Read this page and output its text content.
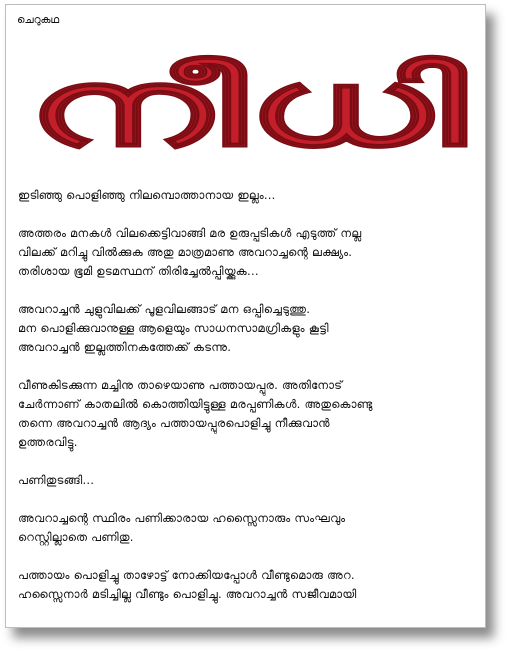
ചെറുകഥ
നീധി
ഇടിഞ്ഞു പൊളിഞ്ഞു നിലമ്പൊത്താനായ ഇല്ലം...
അത്തരം മനകൾ വിലക്കെട്ടിവാങ്ങി മര ഉരുപ്പടികൾ എടുത്ത് നല്ല
വിലക്ക് മറിച്ചു വിൽക്കുക അതു മാത്രമാണു അവറാച്ചന്റെ ലക്ഷ്യം.
തരിശായ ഭൂമി ഉടമസ്ഥന് തിരിച്ചേൽപ്പിയ്ക്കുക...
അവറാച്ചൻ ചുളുവിലക്ക് പൂളവിലങ്ങാട് മന ഒപ്പിച്ചെടുത്തു.
മന പൊളിക്കുവാനുള്ള ആളെയും സാധനസാമഗ്രികളും കൂട്ടി
അവറാച്ചൻ ഇല്ലത്തിനകത്തേക്ക് കടന്നു.
വീണുകിടക്കുന്ന മച്ചിനു താഴെയാണു പത്തായപ്പുര. അതിനോട്
ചേർന്നാണ് കാതലിൽ കൊത്തിയിട്ടുള്ള മരപ്പണികൾ. അതുകൊണ്ടു
തന്നെ അവറാച്ചൻ ആദ്യം പത്തായപ്പുരപൊളിച്ചു നീക്കുവാൻ
ഉത്തരവിട്ടു.
പണിതുടങ്ങി...
അവറാച്ചന്റെ സ്ഥിരം പണിക്കാരായ ഹസ്സൈനാരും സംഘവും
റെസ്റ്റില്ലാതെ പണിതു.
പത്തായം പൊളിച്ചു താഴോട്ട് നോക്കിയപ്പോൾ വീണ്ടുമൊരു അറ.
ഹസ്സൈനാർ മടിച്ചില്ല വീണ്ടും പൊളിച്ചു. അവറാച്ചൻ സജീവമായി
